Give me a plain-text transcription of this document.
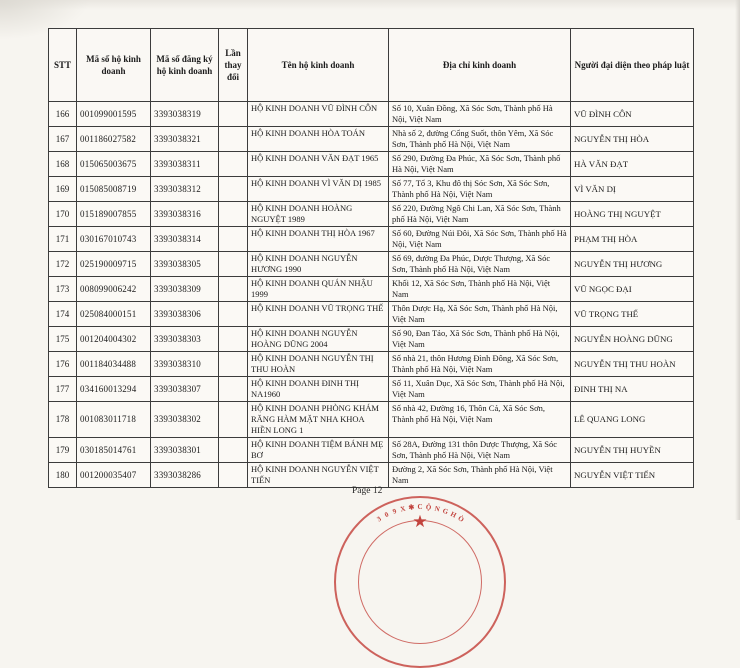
STT	Mã số hộ kinh doanh	Mã số đăng ký hộ kinh doanh	Lần thay đổi	Tên hộ kinh doanh	Địa chỉ kinh doanh	Người đại diện theo pháp luật
166	001099001595	3393038319		HỘ KINH DOANH VŨ ĐÌNH CÔN	Số 10, Xuân Đồng, Xã Sóc Sơn, Thành phố Hà Nội, Việt Nam	VŨ ĐÌNH CÔN
167	001186027582	3393038321		HỘ KINH DOANH HÒA TOÁN	Nhà số 2, đường Cổng Suốt, thôn Yêm, Xã Sóc Sơn, Thành phố Hà Nội, Việt Nam	NGUYỄN THỊ HÒA
168	015065003675	3393038311		HỘ KINH DOANH VĂN ĐẠT 1965	Số 290, Đường Đa Phúc, Xã Sóc Sơn, Thành phố Hà Nội, Việt Nam	HÀ VĂN ĐẠT
169	015085008719	3393038312		HỘ KINH DOANH VÌ VĂN DỊ 1985	Số 77, Tổ 3, Khu đô thị Sóc Sơn, Xã Sóc Sơn, Thành phố Hà Nội, Việt Nam	VÌ VĂN DỊ
170	015189007855	3393038316		HỘ KINH DOANH HOÀNG NGUYỆT 1989	Số 220, Đường Ngô Chi Lan, Xã Sóc Sơn, Thành phố Hà Nội, Việt Nam	HOÀNG THỊ NGUYỆT
171	030167010743	3393038314		HỘ KINH DOANH THỊ HÒA 1967	Số 60, Đường Núi Đôi, Xã Sóc Sơn, Thành phố Hà Nội, Việt Nam	PHẠM THỊ HÒA
172	025190009715	3393038305		HỘ KINH DOANH NGUYỄN HƯƠNG 1990	Số 69, đường Đa Phúc, Dược Thượng, Xã Sóc Sơn, Thành phố Hà Nội, Việt Nam	NGUYỄN THỊ HƯƠNG
173	008099006242	3393038309		HỘ KINH DOANH QUÁN NHẬU 1999	Khối 12, Xã Sóc Sơn, Thành phố Hà Nội, Việt Nam	VŨ NGỌC ĐẠI
174	025084000151	3393038306		HỘ KINH DOANH VŨ TRỌNG THẾ	Thôn Dược Hạ, Xã Sóc Sơn, Thành phố Hà Nội, Việt Nam	VŨ TRỌNG THẾ
175	001204004302	3393038303		HỘ KINH DOANH NGUYỄN HOÀNG DŨNG 2004	Số 90, Đan Tảo, Xã Sóc Sơn, Thành phố Hà Nội, Việt Nam	NGUYỄN HOÀNG DŨNG
176	001184034488	3393038310		HỘ KINH DOANH NGUYỄN THỊ THU HOÀN	Số nhà 21, thôn Hương Đình Đông, Xã Sóc Sơn, Thành phố Hà Nội, Việt Nam	NGUYỄN THỊ THU HOÀN
177	034160013294	3393038307		HỘ KINH DOANH ĐINH THỊ NA1960	Số 11, Xuân Dục, Xã Sóc Sơn, Thành phố Hà Nội, Việt Nam	ĐINH THỊ NA
178	001083011718	3393038302		HỘ KINH DOANH PHÒNG KHÁM RĂNG HÀM MẶT NHA KHOA HIỀN LONG 1	Số nhà 42, Đường 16, Thôn Cả, Xã Sóc Sơn, Thành phố Hà Nội, Việt Nam	LÊ QUANG LONG
179	030185014761	3393038301		HỘ KINH DOANH TIỆM BÁNH MẸ BƠ	Số 28A, Đường 131 thôn Dược Thượng, Xã Sóc Sơn, Thành phố Hà Nội, Việt Nam	NGUYỄN THỊ HUYỀN
180	001200035407	3393038286		HỘ KINH DOANH NGUYỄN VIỆT TIẾN	Đường 2, Xã Sóc Sơn, Thành phố Hà Nội, Việt Nam	NGUYỄN VIỆT TIẾN
Page 12
★
3 0 9 X ✱ C Ộ N G H
Ò
